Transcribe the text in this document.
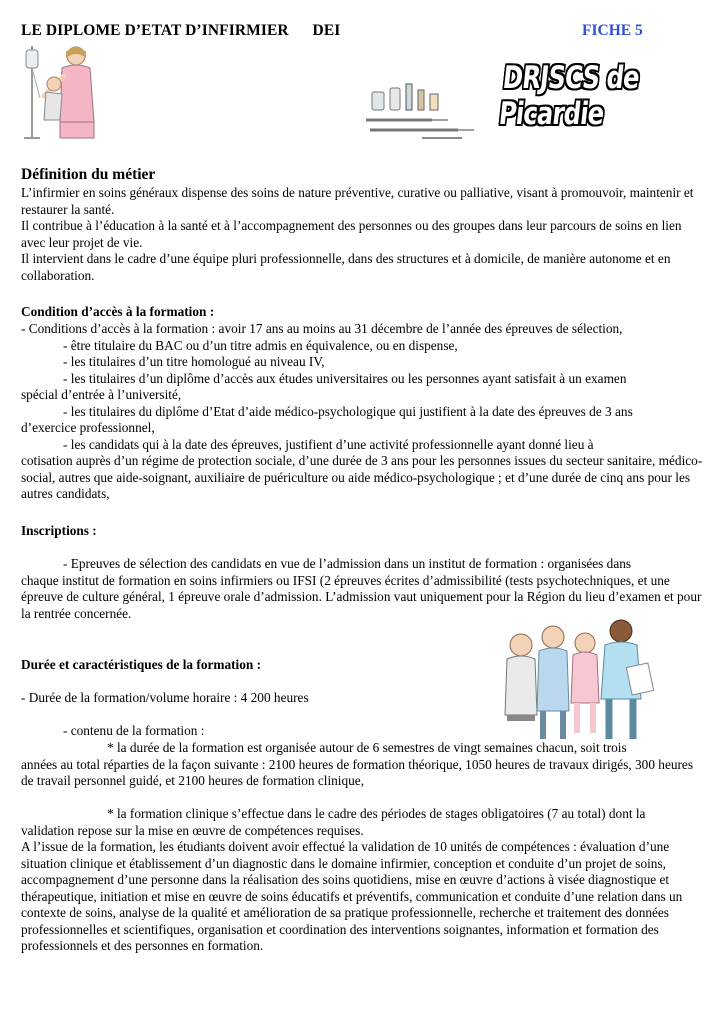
LE DIPLOME D’ETAT D’INFIRMIER      DEI	FICHE 5
DRJSCS de Picardie
Définition du métier

L’infirmier en soins généraux dispense des soins de nature préventive, curative ou palliative, visant à promouvoir, maintenir et restaurer la santé.

Il contribue à l’éducation à la santé et à l’accompagnement des personnes ou des groupes dans leur parcours de soins en lien avec leur projet de vie.

Il intervient dans le cadre d’une équipe pluri professionnelle, dans des structures et à domicile, de manière autonome et en collaboration.

Condition d’accès à la formation :

- Conditions d’accès à la formation : avoir 17 ans au moins au 31 décembre de l’année des épreuves de sélection,

- être titulaire du BAC ou d’un titre admis en équivalence, ou en dispense,

- les titulaires d’un titre homologué au niveau IV,

- les titulaires d’un diplôme d’accès aux études universitaires ou les personnes ayant satisfait à un examen

spécial d’entrée à l’université,

- les titulaires du diplôme d’Etat d’aide médico-psychologique qui justifient à la date des épreuves de 3 ans

d’exercice professionnel,

- les candidats qui à la date des épreuves, justifient d’une activité professionnelle ayant donné lieu à

cotisation auprès d’un régime de protection sociale, d’une durée de 3 ans pour les personnes issues du secteur sanitaire, médico-social, autres que aide-soignant, auxiliaire de puériculture ou aide médico-psychologique ; et d’une durée de cinq ans pour les autres candidats,

Inscriptions :

- Epreuves de sélection des candidats en vue de l’admission dans un institut de formation : organisées dans

chaque institut de formation en soins infirmiers ou IFSI (2 épreuves écrites d’admissibilité (tests psychotechniques, et une épreuve de culture général, 1 épreuve orale d’admission. L’admission vaut uniquement pour la Région du lieu d’examen et pour la rentrée concernée.

Durée et caractéristiques de la formation :
- Durée de la formation/volume horaire : 4 200 heures

- contenu de la formation :

* la durée de la formation est organisée autour de 6 semestres de vingt semaines chacun, soit trois

années au total réparties de la façon suivante : 2100 heures de formation théorique, 1050 heures de travaux dirigés, 300 heures de travail personnel guidé, et 2100 heures de formation clinique,

* la formation clinique s’effectue dans le cadre des périodes de stages obligatoires (7 au total) dont la

validation repose sur la mise en œuvre de compétences requises.

A l’issue de la formation, les étudiants doivent avoir effectué la validation de 10 unités de compétences : évaluation d’une situation clinique et établissement d’un diagnostic dans le domaine infirmier, conception et conduite d’un projet de soins, accompagnement d’une personne dans la réalisation des soins quotidiens, mise en œuvre d’actions à visée diagnostique et thérapeutique, initiation et mise en œuvre de soins éducatifs et préventifs, communication et conduite d’une relation dans un contexte de soins, analyse de la qualité et amélioration de sa pratique professionnelle, recherche et traitement des données professionnelles et scientifiques, organisation et coordination des interventions soignantes, information et formation des professionnels et des personnes en formation.
